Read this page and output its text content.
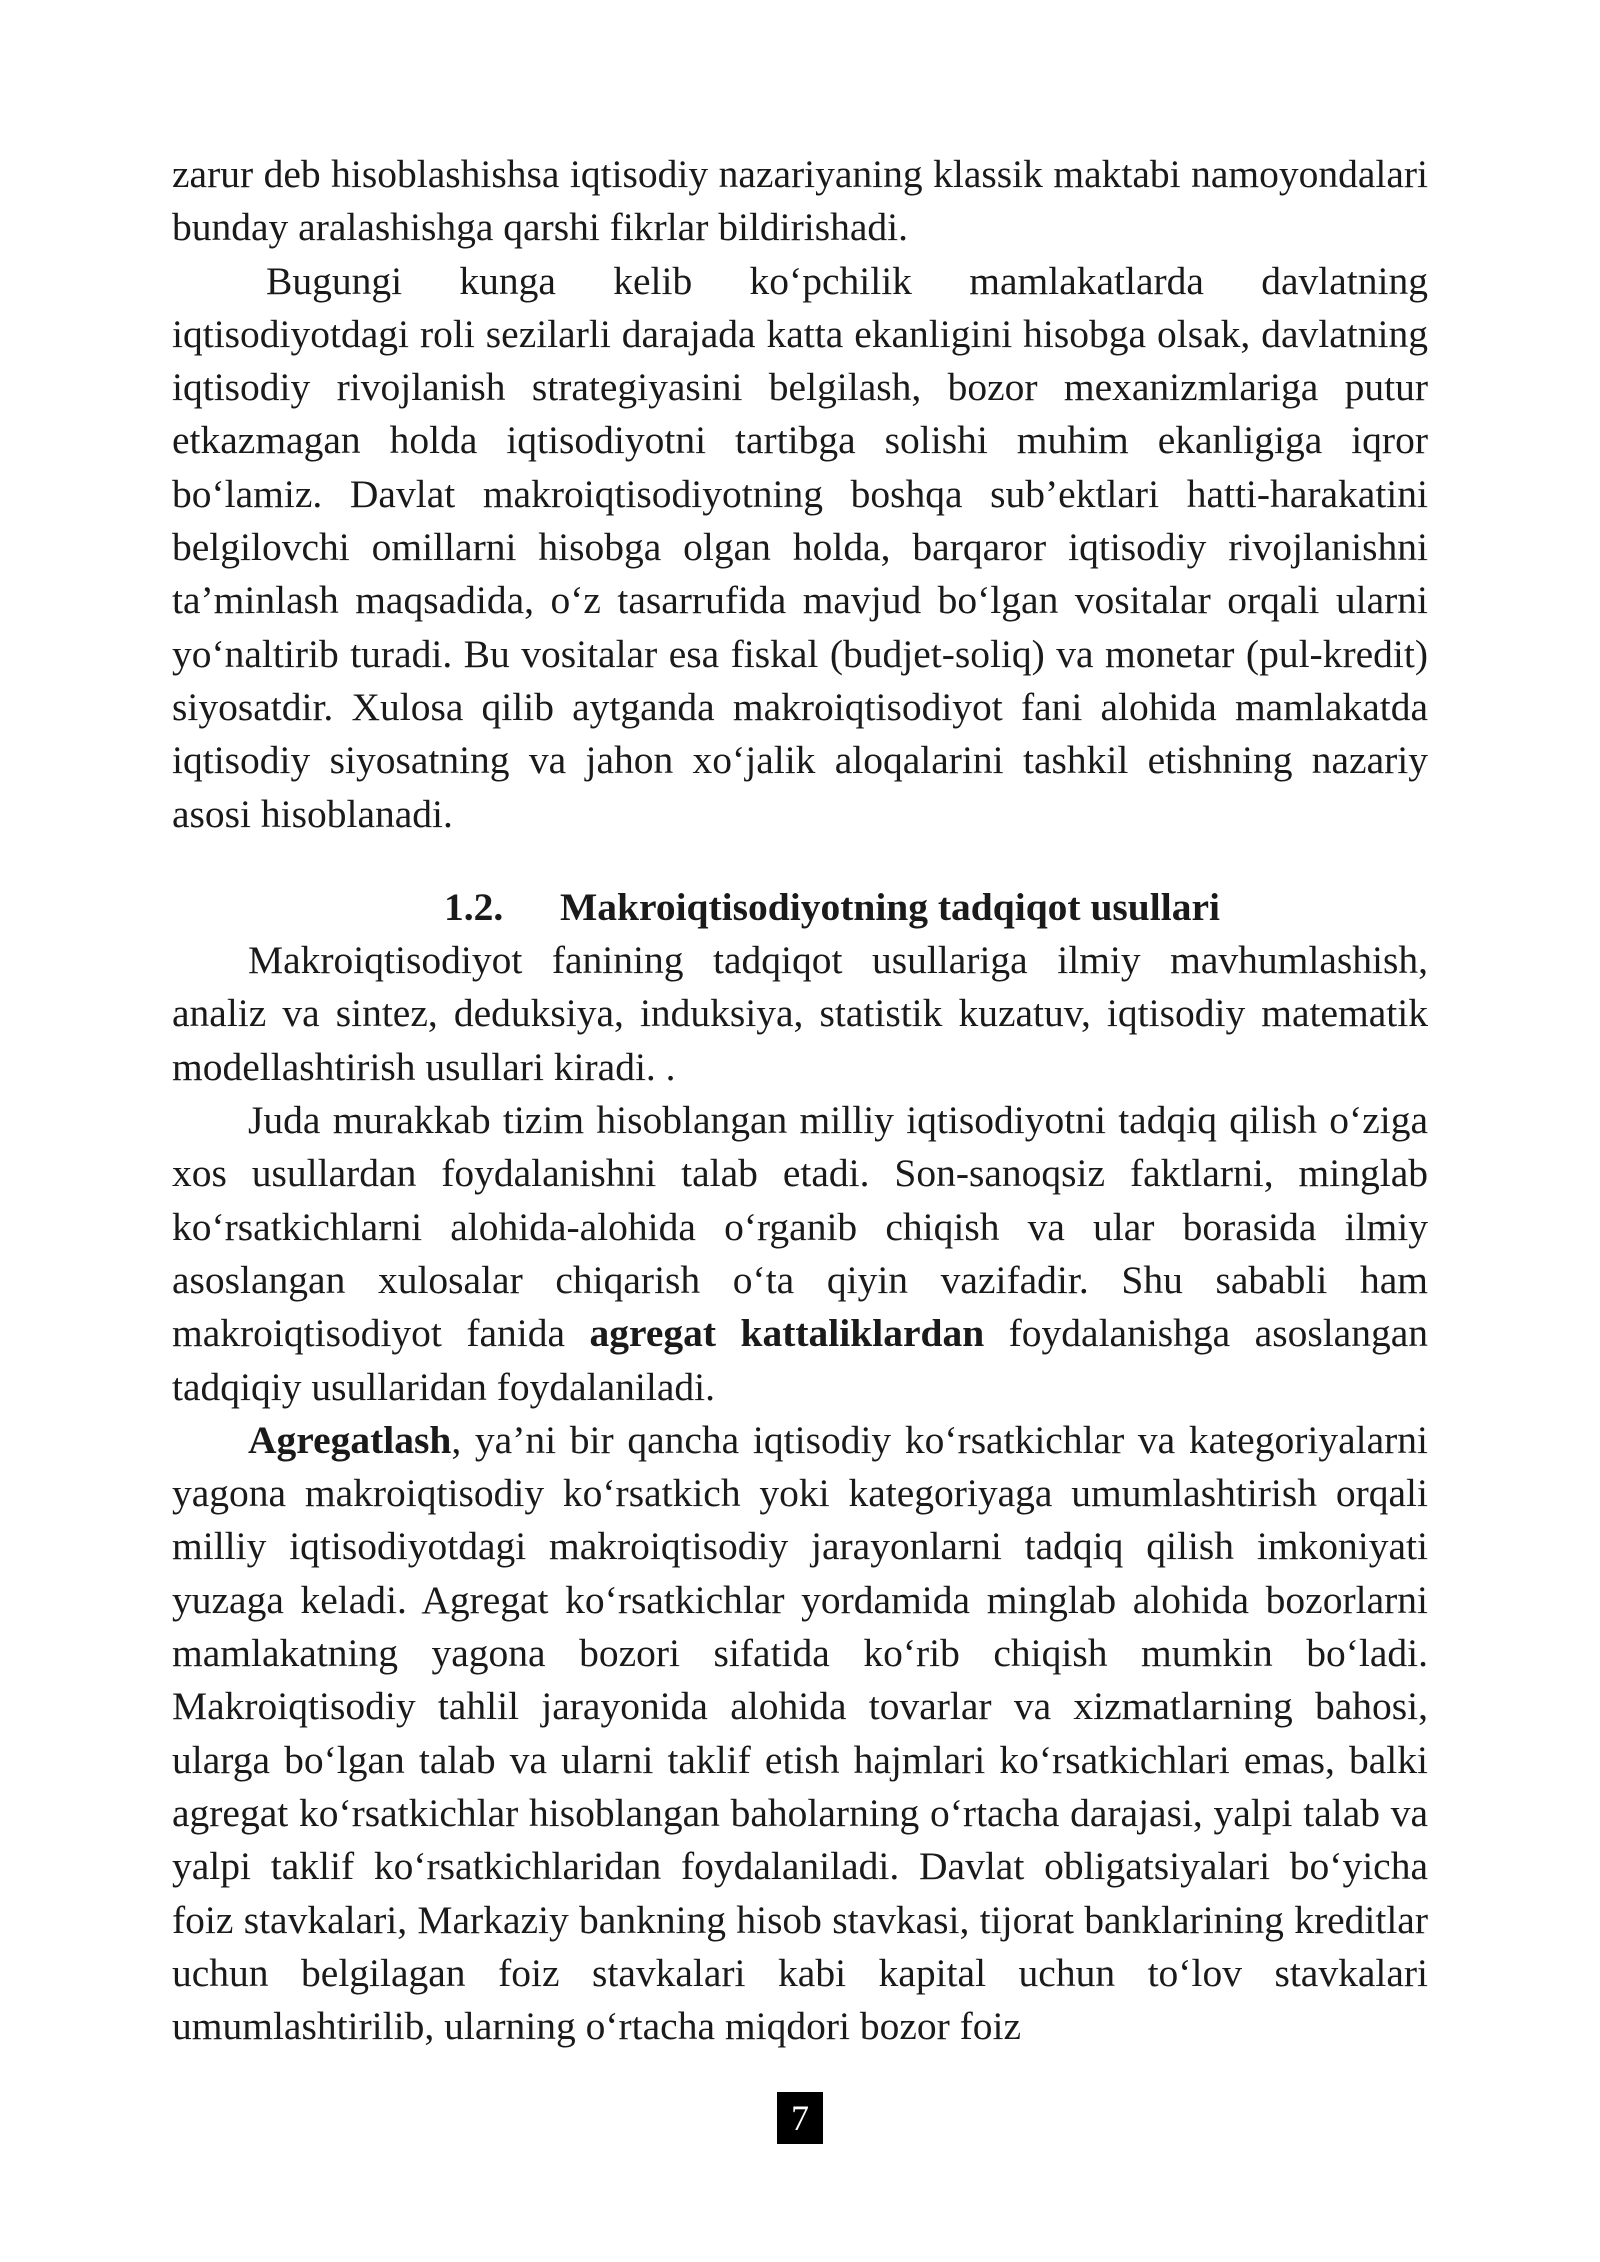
zarur deb hisoblashishsa iqtisodiy nazariyaning klassik maktabi namoyondalari bunday aralashishga qarshi fikrlar bildirishadi.

Bugungi kunga kelib ko‘pchilik mamlakatlarda davlatning iqtisodiyotdagi roli sezilarli darajada katta ekanligini hisobga olsak, davlatning iqtisodiy rivojlanish strategiyasini belgilash, bozor mexanizmlariga putur etkazmagan holda iqtisodiyotni tartibga solishi muhim ekanligiga iqror bo‘lamiz. Davlat makroiqtisodiyotning boshqa sub’ektlari hatti-harakatini belgilovchi omillarni hisobga olgan holda, barqaror iqtisodiy rivojlanishni ta’minlash maqsadida, o‘z tasarrufida mavjud bo‘lgan vositalar orqali ularni yo‘naltirib turadi. Bu vositalar esa fiskal (budjet-soliq) va monetar (pul-kredit) siyosatdir. Xulosa qilib aytganda makroiqtisodiyot fani alohida mamlakatda iqtisodiy siyosatning va jahon xo‘jalik aloqalarini tashkil etishning nazariy asosi hisoblanadi.

1.2. Makroiqtisodiyotning tadqiqot usullari

Makroiqtisodiyot fanining tadqiqot usullariga ilmiy mavhumlashish, analiz va sintez, deduksiya, induksiya, statistik kuzatuv, iqtisodiy matematik modellashtirish usullari kiradi. .

Juda murakkab tizim hisoblangan milliy iqtisodiyotni tadqiq qilish o‘ziga xos usullardan foydalanishni talab etadi. Son-sanoqsiz faktlarni, minglab ko‘rsatkichlarni alohida-alohida o‘rganib chiqish va ular borasida ilmiy asoslangan xulosalar chiqarish o‘ta qiyin vazifadir. Shu sababli ham makroiqtisodiyot fanida agregat kattaliklardan foydalanishga asoslangan tadqiqiy usullaridan foydalaniladi.

Agregatlash, ya’ni bir qancha iqtisodiy ko‘rsatkichlar va kategoriyalarni yagona makroiqtisodiy ko‘rsatkich yoki kategoriyaga umumlashtirish orqali milliy iqtisodiyotdagi makroiqtisodiy jarayonlarni tadqiq qilish imkoniyati yuzaga keladi. Agregat ko‘rsatkichlar yordamida minglab alohida bozorlarni mamlakatning yagona bozori sifatida ko‘rib chiqish mumkin bo‘ladi. Makroiqtisodiy tahlil jarayonida alohida tovarlar va xizmatlarning bahosi, ularga bo‘lgan talab va ularni taklif etish hajmlari ko‘rsatkichlari emas, balki agregat ko‘rsatkichlar hisoblangan baholarning o‘rtacha darajasi, yalpi talab va yalpi taklif ko‘rsatkichlaridan foydalaniladi. Davlat obligatsiyalari bo‘yicha foiz stavkalari, Markaziy bankning hisob stavkasi, tijorat banklarining kreditlar uchun belgilagan foiz stavkalari kabi kapital uchun to‘lov stavkalari umumlashtirilib, ularning o‘rtacha miqdori bozor foiz

7
